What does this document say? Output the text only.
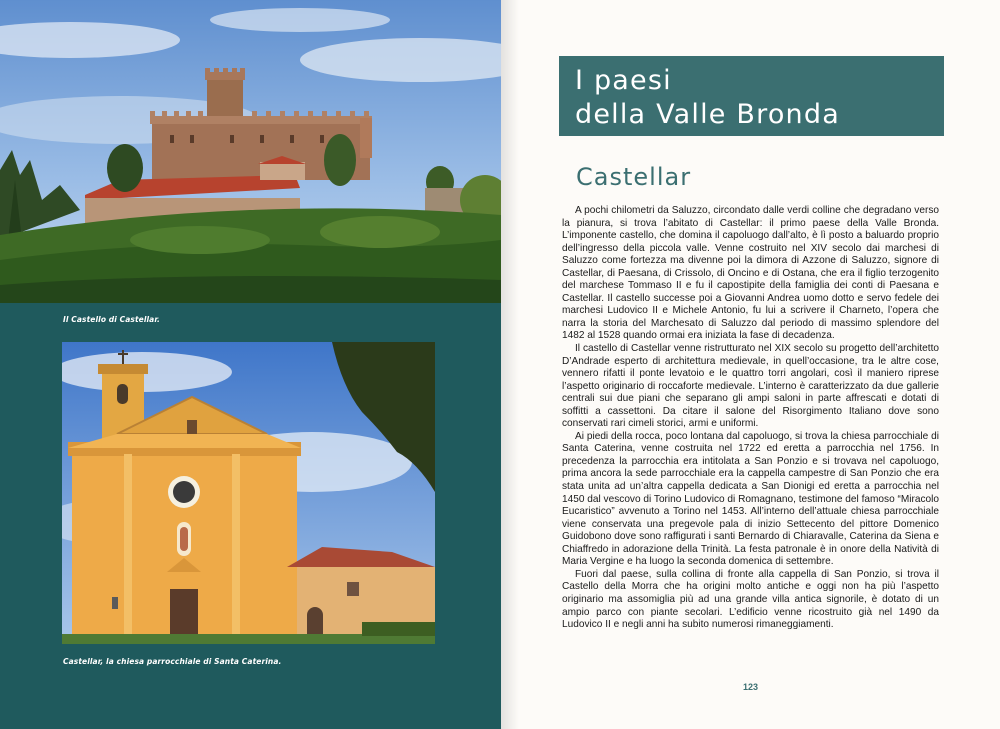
Il Castello di Castellar.
Castellar, la chiesa parrocchiale di Santa Caterina.
I paesi
della Valle Bronda
Castellar

A pochi chilometri da Saluzzo, circondato dalle verdi colline che degradano verso la pianura, si trova l’abitato di Castellar: il primo paese della Valle Bronda. L’imponente castello, che domina il capoluogo dall’alto, è lì posto a baluardo proprio dell’ingresso della piccola valle. Venne costruito nel XIV secolo dai marchesi di Saluzzo come fortezza ma divenne poi la dimora di Azzone di Saluzzo, signore di Castellar, di Paesana, di Crissolo, di Oncino e di Ostana, che era il figlio terzogenito del marchese Tommaso II e fu il capostipite della famiglia dei conti di Paesana e Castellar. Il castello successe poi a Giovanni Andrea uomo dotto e servo fedele dei marchesi Ludovico II e Michele Antonio, fu lui a scrivere il Charneto, l’opera che narra la storia del Marchesato di Saluzzo dal periodo di massimo splendore del 1482 al 1528 quando ormai era iniziata la fase di decadenza.

Il castello di Castellar venne ristrutturato nel XIX secolo su progetto dell’architetto D’Andrade esperto di architettura medievale, in quell’occasione, tra le altre cose, vennero rifatti il ponte levatoio e le quattro torri angolari, così il maniero riprese l’aspetto originario di roccaforte medievale. L’interno è caratterizzato da due gallerie centrali sui due piani che separano gli ampi saloni in parte affrescati e dotati di soffitti a cassettoni. Da citare il salone del Risorgimento Italiano dove sono conservati rari cimeli storici, armi e uniformi.

Ai piedi della rocca, poco lontana dal capoluogo, si trova la chiesa parrocchiale di Santa Caterina, venne costruita nel 1722 ed eretta a parrocchia nel 1756. In precedenza la parrocchia era intitolata a San Ponzio e si trovava nel capoluogo, prima ancora la sede parrocchiale era la cappella campestre di San Ponzio che era stata unita ad un’altra cappella dedicata a San Dionigi ed eretta a parrocchia nel 1450 dal vescovo di Torino Ludovico di Romagnano, testimone del famoso “Miracolo Eucaristico” avvenuto a Torino nel 1453. All’interno dell’attuale chiesa parrocchiale viene conservata una pregevole pala di inizio Settecento del pittore Domenico Guidobono dove sono raffigurati i santi Bernardo di Chiaravalle, Caterina da Siena e Chiaffredo in adorazione della Trinità. La festa patronale è in onore della Natività di Maria Vergine e ha luogo la seconda domenica di settembre.

Fuori dal paese, sulla collina di fronte alla cappella di San Ponzio, si trova il Castello della Morra che ha origini molto antiche e oggi non ha più l’aspetto originario ma assomiglia più ad una grande villa antica signorile, è dotato di un ampio parco con piante secolari. L’edificio venne ricostruito già nel 1490 da Ludovico II e negli anni ha subito numerosi rimaneggiamenti.

123
